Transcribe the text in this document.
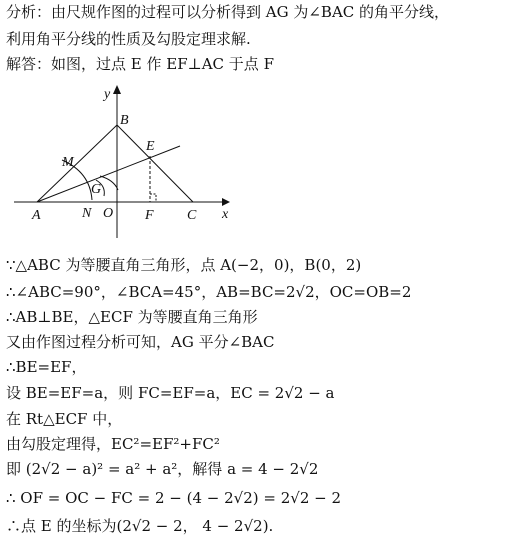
分析：由尺规作图的过程可以分析得到 AG 为∠BAC 的角平分线，
利用角平分线的性质及勾股定理求解.
解答：如图，过点 E 作 EF⊥AC 于点 F
y
x
B
E
M
G
A	N O F C
∵△ABC 为等腰直角三角形，点 A(−2，0)，B(0，2)
∴∠ABC=90°，∠BCA=45°，AB=BC=2√2，OC=OB=2
∴AB⊥BE，△ECF 为等腰直角三角形
又由作图过程分析可知，AG 平分∠BAC
∴BE=EF，
设 BE=EF=a，则 FC=EF=a，EC = 2√2 − a
在 Rt△ECF 中，
由勾股定理得，EC²=EF²+FC²
即 (2√2 − a)² = a² + a²，解得 a = 4 − 2√2
∴ OF = OC − FC = 2 − (4 − 2√2) = 2√2 − 2
∴点 E 的坐标为(2√2 − 2， 4 − 2√2).
